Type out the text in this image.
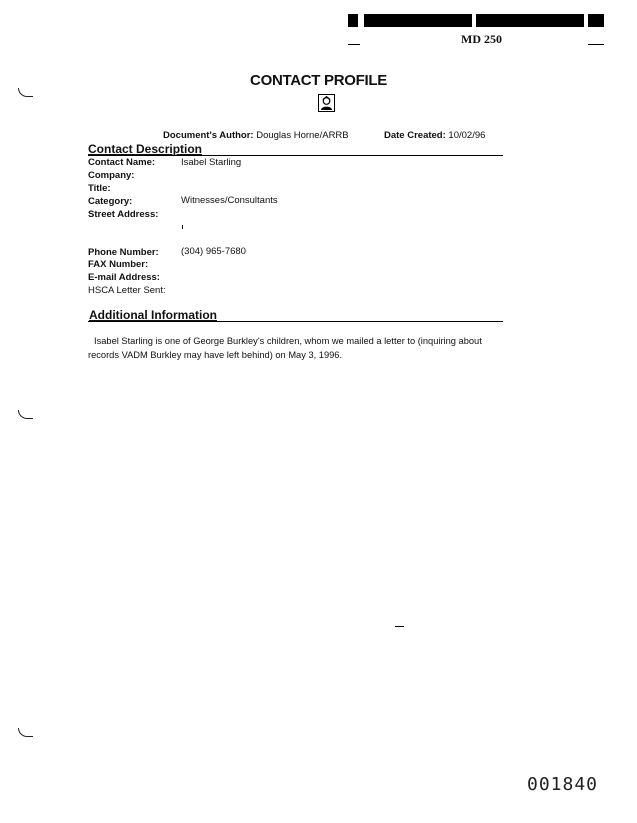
MD 250
CONTACT PROFILE
Document's Author: Douglas Horne/ARRB	Date Created: 10/02/96
Contact Description
Contact Name:	Isabel Starling
Company:
Title:
Category:	Witnesses/Consultants
Street Address:
Phone Number: (304) 965-7680
FAX Number:
E-mail Address:
HSCA Letter Sent:
Additional Information
Isabel Starling is one of George Burkley's children, whom we mailed a letter to (inquiring about records VADM Burkley may have left behind) on May 3, 1996.
001840
